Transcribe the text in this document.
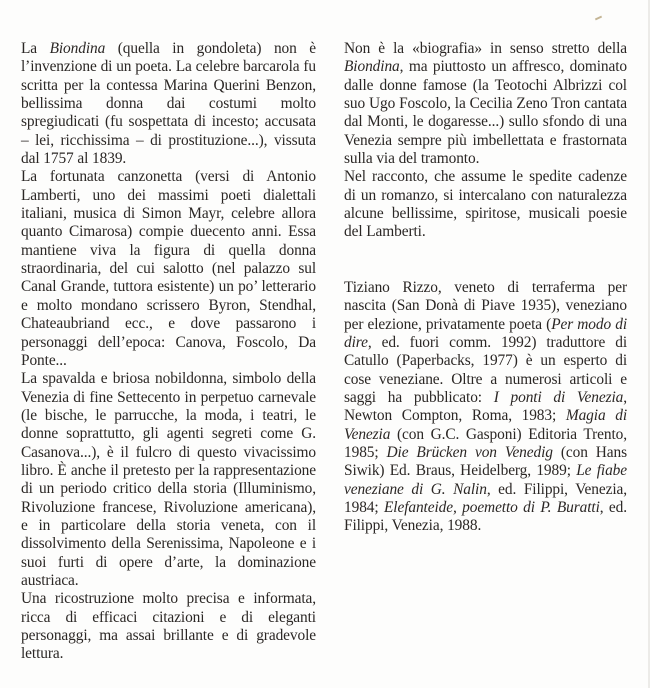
La Biondina (quella in gondoleta) non è l’invenzione di un poeta. La celebre barcarola fu scritta per la contessa Marina Querini Benzon, bellissima donna dai costumi molto spregiudicati (fu sospettata di incesto; accusata – lei, ricchissima – di prostituzione...), vissuta dal 1757 al 1839.

La fortunata canzonetta (versi di Antonio Lamberti, uno dei massimi poeti dialettali italiani, musica di Simon Mayr, celebre allora quanto Cimarosa) compie duecento anni. Essa mantiene viva la figura di quella donna straordinaria, del cui salotto (nel palazzo sul Canal Grande, tuttora esistente) un po’ letterario e molto mondano scrissero Byron, Stendhal, Chateaubriand ecc., e dove passarono i personaggi dell’epoca: Canova, Foscolo, Da Ponte...

La spavalda e briosa nobildonna, simbolo della Venezia di fine Settecento in perpetuo carnevale (le bische, le parrucche, la moda, i teatri, le donne soprattutto, gli agenti segreti come G. Casanova...), è il fulcro di questo vivacissimo libro. È anche il pretesto per la rappresentazione di un periodo critico della storia (Illuminismo, Rivoluzione francese, Rivoluzione americana), e in particolare della storia veneta, con il dissolvimento della Serenissima, Napoleone e i suoi furti di opere d’arte, la dominazione austriaca.

Una ricostruzione molto precisa e informata, ricca di efficaci citazioni e di eleganti personaggi, ma assai brillante e di gradevole lettura.

Non è la «biografia» in senso stretto della Biondina, ma piuttosto un affresco, dominato dalle donne famose (la Teotochi Albrizzi col suo Ugo Foscolo, la Cecilia Zeno Tron cantata dal Monti, le dogaresse...) sullo sfondo di una Venezia sempre più imbellettata e frastornata sulla via del tramonto.

Nel racconto, che assume le spedite cadenze di un romanzo, si intercalano con naturalezza alcune bellissime, spiritose, musicali poesie del Lamberti.

Tiziano Rizzo, veneto di terraferma per nascita (San Donà di Piave 1935), veneziano per elezione, privatamente poeta (Per modo di dire, ed. fuori comm. 1992) traduttore di Catullo (Paperbacks, 1977) è un esperto di cose veneziane. Oltre a numerosi articoli e saggi ha pubblicato: I ponti di Venezia, Newton Compton, Roma, 1983; Magia di Venezia (con G.C. Gasponi) Editoria Trento, 1985; Die Brücken von Venedig (con Hans Siwik) Ed. Braus, Heidelberg, 1989; Le fiabe veneziane di G. Nalin, ed. Filippi, Venezia, 1984; Elefanteide, poemetto di P. Buratti, ed. Filippi, Venezia, 1988.
